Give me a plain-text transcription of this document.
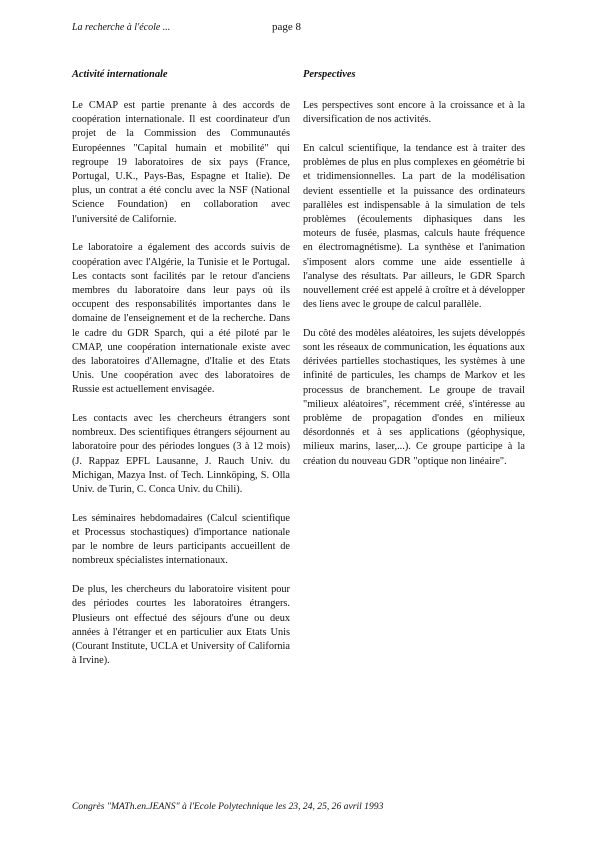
La recherche à l'école ...	page 8
Activité internationale

Le CMAP est partie prenante à des accords de coopération internationale. Il est coordinateur d'un projet de la Commission des Communautés Européennes "Capital humain et mobilité" qui regroupe 19 laboratoires de six pays (France, Portugal, U.K., Pays-Bas, Espagne et Italie). De plus, un contrat a été conclu avec la NSF (National Science Foundation) en collaboration avec l'université de Californie.

Le laboratoire a également des accords suivis de coopération avec l'Algérie, la Tunisie et le Portugal. Les contacts sont facilités par le retour d'anciens membres du laboratoire dans leur pays où ils occupent des responsabilités importantes dans le domaine de l'enseignement et de la recherche. Dans le cadre du GDR Sparch, qui a été piloté par le CMAP, une coopération internationale existe avec des laboratoires d'Allemagne, d'Italie et des Etats Unis. Une coopération avec des laboratoires de Russie est actuellement envisagée.

Les contacts avec les chercheurs étrangers sont nombreux. Des scientifiques étrangers séjournent au laboratoire pour des périodes longues (3 à 12 mois) (J. Rappaz EPFL Lausanne, J. Rauch Univ. du Michigan, Mazya Inst. of Tech. Linnköping, S. Olla Univ. de Turin, C. Conca Univ. du Chili).

Les séminaires hebdomadaires (Calcul scientifique et Processus stochastiques) d'importance nationale par le nombre de leurs participants accueillent de nombreux spécialistes internationaux.

De plus, les chercheurs du laboratoire visitent pour des périodes courtes les laboratoires étrangers. Plusieurs ont effectué des séjours d'une ou deux années à l'étranger et en particulier aux Etats Unis (Courant Institute, UCLA et University of California à Irvine).

Perspectives

Les perspectives sont encore à la croissance et à la diversification de nos activités.

En calcul scientifique, la tendance est à traiter des problèmes de plus en plus complexes en géométrie bi et tridimensionnelles. La part de la modélisation devient essentielle et la puissance des ordinateurs parallèles est indispensable à la simulation de tels problèmes (écoulements diphasiques dans les moteurs de fusée, plasmas, calculs haute fréquence en électromagnétisme). La synthèse et l'animation s'imposent alors comme une aide essentielle à l'analyse des résultats. Par ailleurs, le GDR Sparch nouvellement créé est appelé à croître et à développer des liens avec le groupe de calcul parallèle.

Du côté des modèles aléatoires, les sujets développés sont les réseaux de communication, les équations aux dérivées partielles stochastiques, les systèmes à une infinité de particules, les champs de Markov et les processus de branchement. Le groupe de travail "milieux aléatoires", récemment créé, s'intéresse au problème de propagation d'ondes en milieux désordonnés et à ses applications (géophysique, milieux marins, laser,...). Ce groupe participe à la création du nouveau GDR "optique non linéaire".

Congrès "MATh.en.JEANS" à l'Ecole Polytechnique les 23, 24, 25, 26 avril 1993
